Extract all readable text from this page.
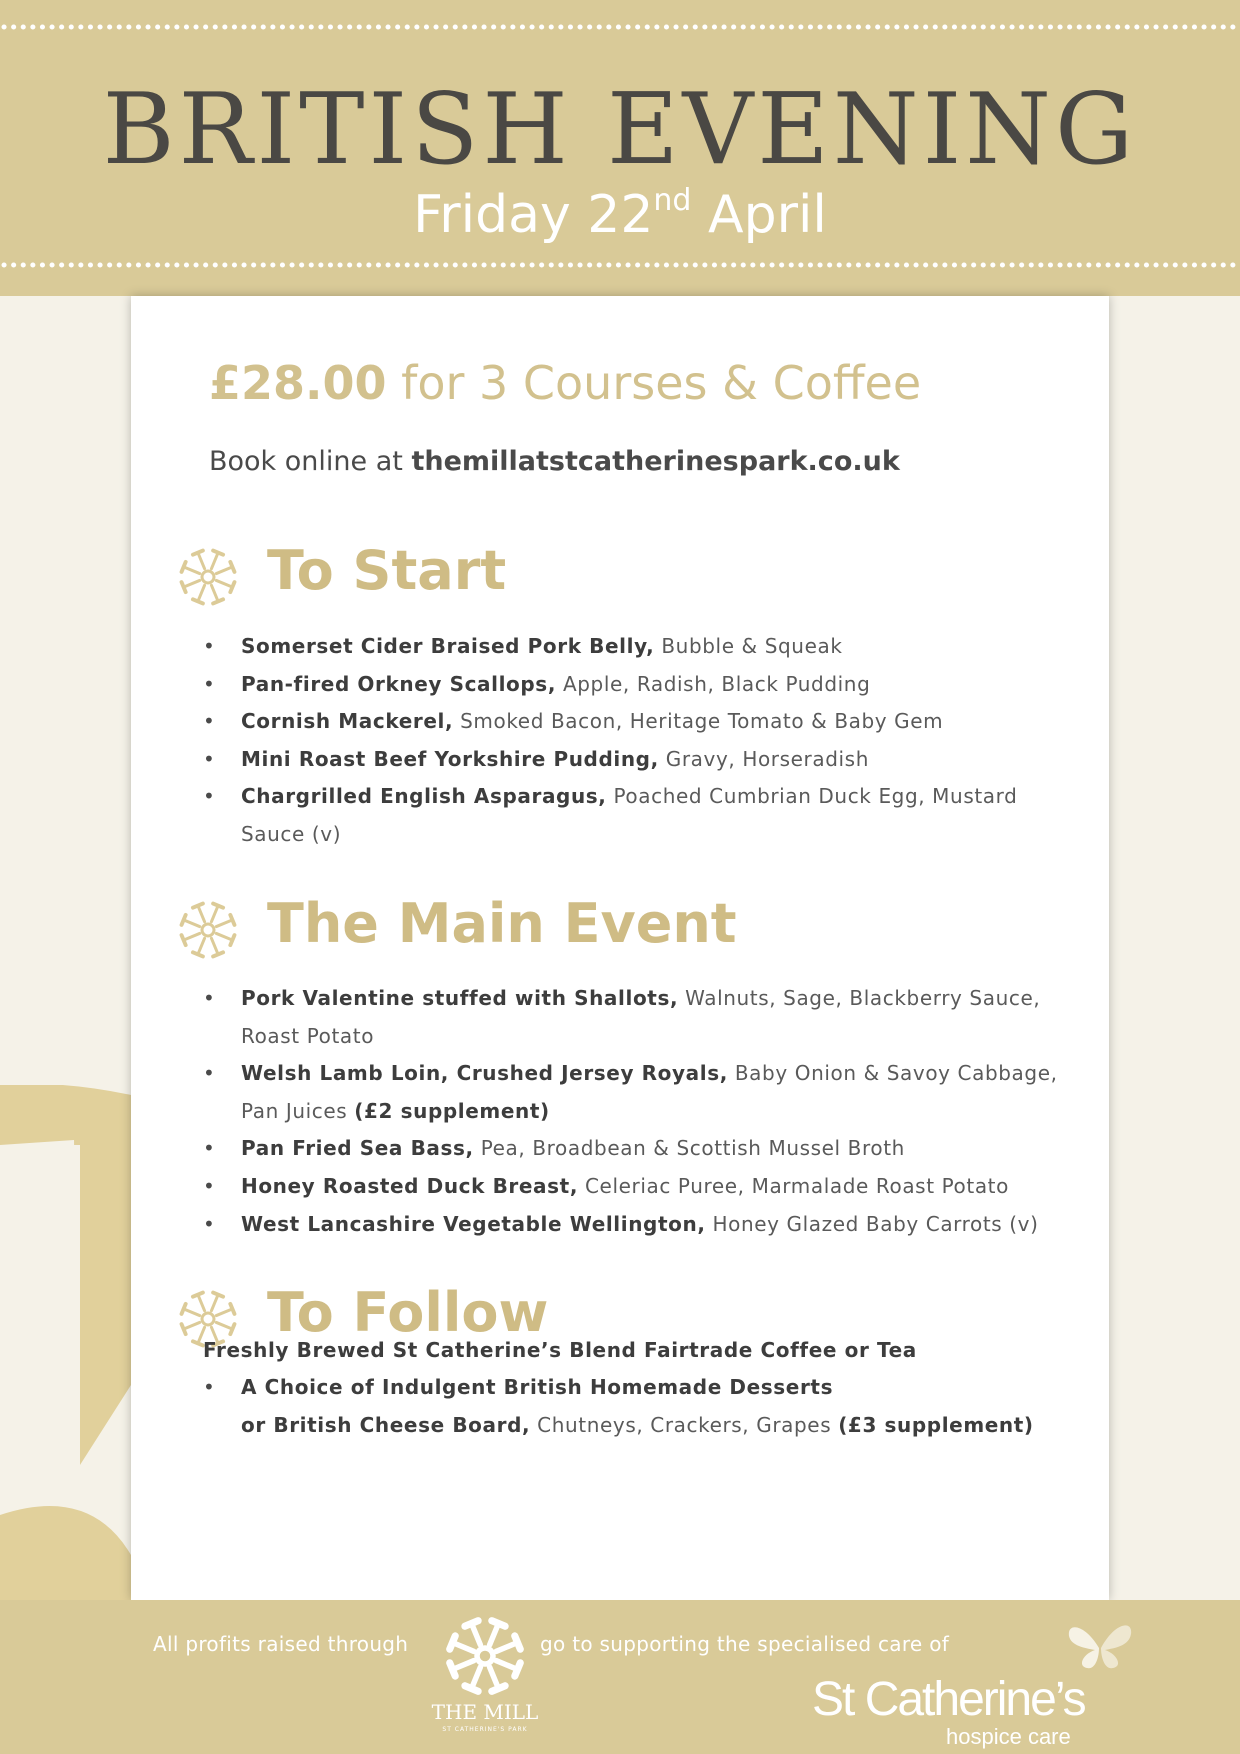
BRITISH EVENING
Friday 22nd April
£28.00 for 3 Courses & Coffee
Book online at themillatstcatherinespark.co.uk
To Start
• Somerset Cider Braised Pork Belly, Bubble & Squeak
• Pan-fired Orkney Scallops, Apple, Radish, Black Pudding
• Cornish Mackerel, Smoked Bacon, Heritage Tomato & Baby Gem
• Mini Roast Beef Yorkshire Pudding, Gravy, Horseradish
• Chargrilled English Asparagus, Poached Cumbrian Duck Egg, Mustard Sauce (v)
The Main Event
• Pork Valentine stuffed with Shallots, Walnuts, Sage, Blackberry Sauce, Roast Potato
• Welsh Lamb Loin, Crushed Jersey Royals, Baby Onion & Savoy Cabbage, Pan Juices (£2 supplement)
• Pan Fried Sea Bass, Pea, Broadbean & Scottish Mussel Broth
• Honey Roasted Duck Breast, Celeriac Puree, Marmalade Roast Potato
• West Lancashire Vegetable Wellington, Honey Glazed Baby Carrots (v)
To Follow
• A Choice of Indulgent British Homemade Desserts
or British Cheese Board, Chutneys, Crackers, Grapes (£3 supplement)
Freshly Brewed St Catherine’s Blend Fairtrade Coffee or Tea
All profits raised through
THE MILL
ST CATHERINE'S PARK
go to supporting the specialised care of
St Catherine’s
hospice care
